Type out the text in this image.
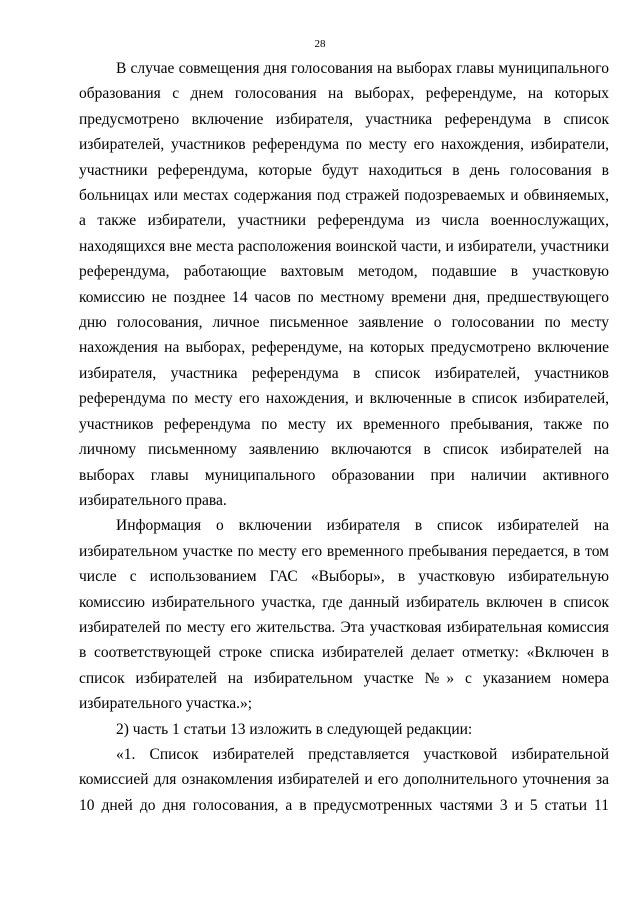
28

В случае совмещения дня голосования на выборах главы муниципального образования с днем голосования на выборах, референдуме, на которых предусмотрено включение избирателя, участника референдума в список избирателей, участников референдума по месту его нахождения, избиратели, участники референдума, которые будут находиться в день голосования в больницах или местах содержания под стражей подозреваемых и обвиняемых, а также избиратели, участники референдума из числа военнослужащих, находящихся вне места расположения воинской части, и избиратели, участники референдума, работающие вахтовым методом, подавшие в участковую комиссию не позднее 14 часов по местному времени дня, предшествующего дню голосования, личное письменное заявление о голосовании по месту нахождения на выборах, референдуме, на которых предусмотрено включение избирателя, участника референдума в список избирателей, участников референдума по месту его нахождения, и включенные в список избирателей, участников референдума по месту их временного пребывания, также по личному письменному заявлению включаются в список избирателей на выборах главы муниципального образовании при наличии активного избирательного права.

Информация о включении избирателя в список избирателей на избирательном участке по месту его временного пребывания передается, в том числе с использованием ГАС «Выборы», в участковую избирательную комиссию избирательного участка, где данный избиратель включен в список избирателей по месту его жительства. Эта участковая избирательная комиссия в соответствующей строке списка избирателей делает отметку: «Включен в список избирателей на избирательном участке №» с указанием номера избирательного участка.»;

2) часть 1 статьи 13 изложить в следующей редакции:

«1. Список избирателей представляется участковой избирательной комиссией для ознакомления избирателей и его дополнительного уточнения за 10 дней до дня голосования, а в предусмотренных частями 3 и 5 статьи 11
